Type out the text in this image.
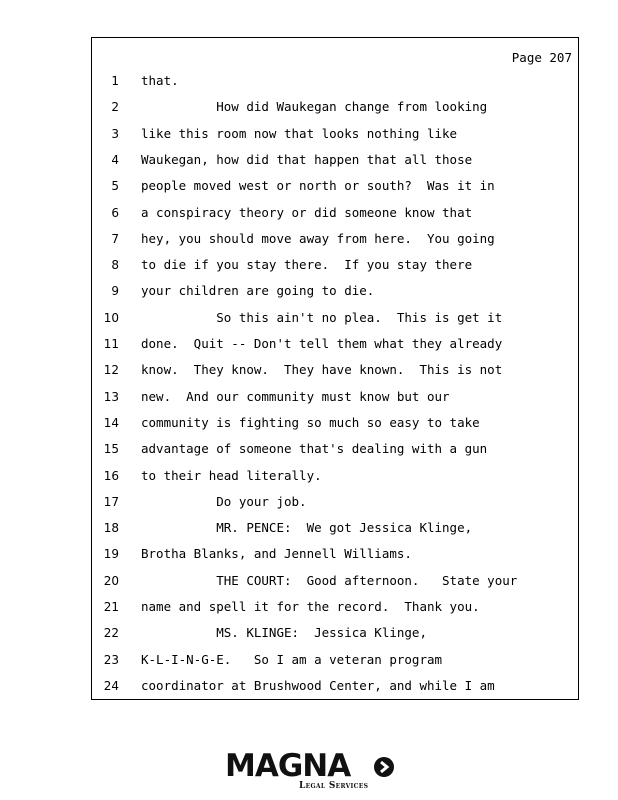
Page 207
1 that.
2 How did Waukegan change from looking
3 like this room now that looks nothing like
4 Waukegan, how did that happen that all those
5 people moved west or north or south?  Was it in
6 a conspiracy theory or did someone know that
7 hey, you should move away from here.  You going
8 to die if you stay there.  If you stay there
9 your children are going to die.
10 So this ain't no plea.  This is get it
11 done.  Quit -- Don't tell them what they already
12 know.  They know.  They have known.  This is not
13 new.  And our community must know but our
14 community is fighting so much so easy to take
15 advantage of someone that's dealing with a gun
16 to their head literally.
17 Do your job.
18 MR. PENCE:  We got Jessica Klinge,
19 Brotha Blanks, and Jennell Williams.
20 THE COURT:  Good afternoon.   State your
21 name and spell it for the record.  Thank you.
22 MS. KLINGE:  Jessica Klinge,
23 K-L-I-N-G-E.   So I am a veteran program
24 coordinator at Brushwood Center, and while I am
MAGNA
Legal Services
